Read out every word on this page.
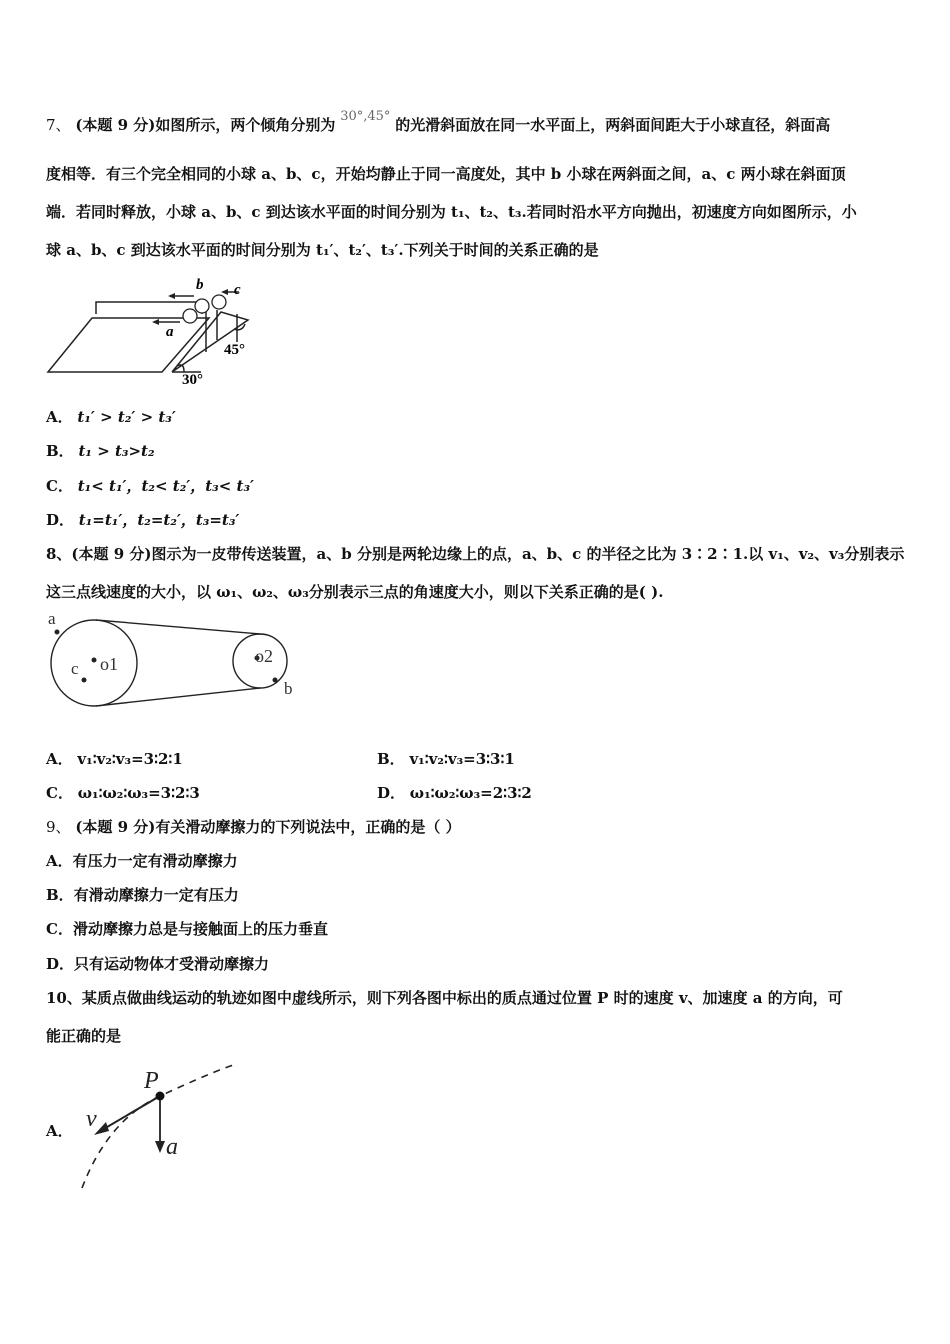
7、 (本题 9 分)如图所示，两个倾角分别为 30°,45° 的光滑斜面放在同一水平面上，两斜面间距大于小球直径，斜面高
度相等．有三个完全相同的小球 a、b、c，开始均静止于同一高度处，其中 b 小球在两斜面之间，a、c 两小球在斜面顶
端．若同时释放，小球 a、b、c 到达该水平面的时间分别为 t₁、t₂、t₃.若同时沿水平方向抛出，初速度方向如图所示，小
球 a、b、c 到达该水平面的时间分别为 t₁′、t₂′、t₃′.下列关于时间的关系正确的是
a
b c
30°
45°
A． t₁′ > t₂′ > t₃′
B． t₁ > t₃>t₂
C． t₁< t₁′，t₂< t₂′，t₃< t₃′
D． t₁=t₁′，t₂=t₂′，t₃=t₃′
8、(本题 9 分)图示为一皮带传送装置，a、b 分别是两轮边缘上的点，a、b、c 的半径之比为 3∶2∶1.以 v₁、v₂、v₃分别表示
这三点线速度的大小，以 ω₁、ω₂、ω₃分别表示三点的角速度大小，则以下关系正确的是( ).
a
c o1	o2
b
A． v₁∶v₂∶v₃=3∶2∶1	B． v₁∶v₂∶v₃=3∶3∶1
C． ω₁∶ω₂∶ω₃=3∶2∶3	D． ω₁∶ω₂∶ω₃=2∶3∶2
9、 (本题 9 分)有关滑动摩擦力的下列说法中，正确的是（ ）
A．有压力一定有滑动摩擦力
B．有滑动摩擦力一定有压力
C．滑动摩擦力总是与接触面上的压力垂直
D．只有运动物体才受滑动摩擦力
10、某质点做曲线运动的轨迹如图中虚线所示，则下列各图中标出的质点通过位置 P 时的速度 v、加速度 a 的方向，可
能正确的是
A．
P
v
a
